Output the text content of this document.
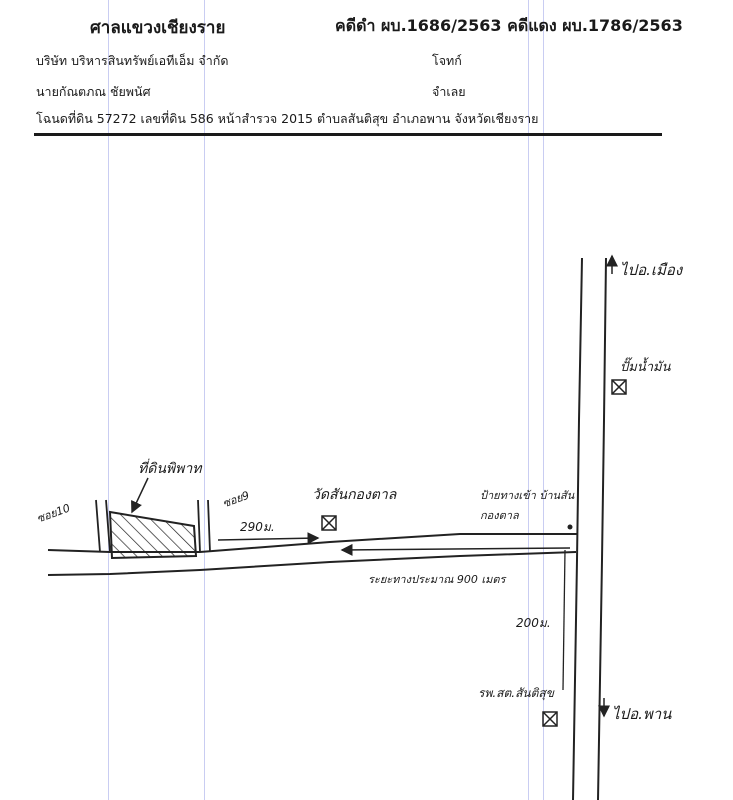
ศาลแขวงเชียงราย	คดีดำ ผบ.1686/2563 คดีแดง ผบ.1786/2563
บริษัท บริหารสินทรัพย์เอทีเอ็ม จำกัด	โจทก์
นายกัณตภณ ชัยพนัศ	จำเลย
โฉนดที่ดิน 57272 เลขที่ดิน 586 หน้าสำรวจ 2015 ตำบลสันติสุข อำเภอพาน จังหวัดเชียงราย
ไปอ.เมือง
ปั๊มน้ำมัน
ที่ดินพิพาท
ซอย10
ซอย9	วัดสันกองตาล
290ม.
ป้ายทางเข้า บ้านสันกองตาล
ระยะทางประมาณ 900 เมตร
200ม.
รพ.สต.สันติสุข
ไปอ.พาน
